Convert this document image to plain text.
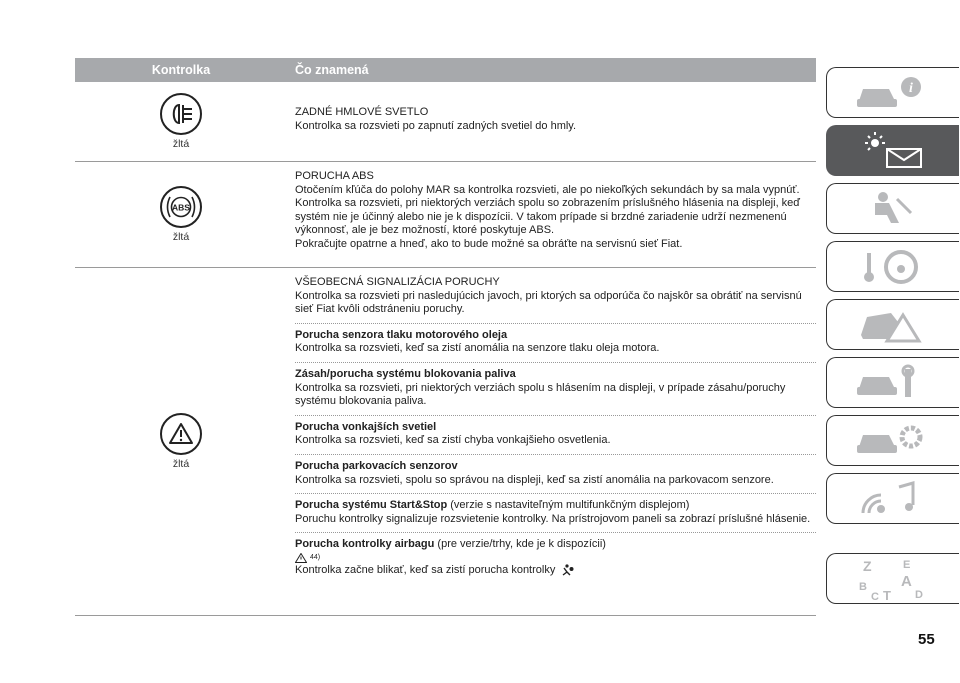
Kontrolka	Čo znamená
žltá
ZADNÉ HMLOVÉ SVETLO
Kontrolka sa rozsvieti po zapnutí zadných svetiel do hmly.
ABS
žltá
PORUCHA ABS
Otočením kľúča do polohy MAR sa kontrolka rozsvieti, ale po niekoľkých sekundách by sa mala vypnúť. Kontrolka sa rozsvieti, pri niektorých verziách spolu so zobrazením príslušného hlásenia na displeji, keď systém nie je účinný alebo nie je k dispozícii. V takom prípade si brzdné zariadenie udrží nezmenenú výkonnosť, ale je bez možností, ktoré poskytuje ABS.
Pokračujte opatrne a hneď, ako to bude možné sa obráťte na servisnú sieť Fiat.
žltá
VŠEOBECNÁ SIGNALIZÁCIA PORUCHY
Kontrolka sa rozsvieti pri nasledujúcich javoch, pri ktorých sa odporúča čo najskôr sa obrátiť na servisnú sieť Fiat kvôli odstráneniu poruchy.
Porucha senzora tlaku motorového oleja
Kontrolka sa rozsvieti, keď sa zistí anomália na senzore tlaku oleja motora.
Zásah/porucha systému blokovania paliva
Kontrolka sa rozsvieti, pri niektorých verziách spolu s hlásením na displeji, v prípade zásahu/poruchy systému blokovania paliva.
Porucha vonkajších svetiel
Kontrolka sa rozsvieti, keď sa zistí chyba vonkajšieho osvetlenia.
Porucha parkovacích senzorov
Kontrolka sa rozsvieti, spolu so správou na displeji, keď sa zistí anomália na parkovacom senzore.
Porucha systému Start&Stop (verzie s nastaviteľným multifunkčným displejom)
Poruchu kontrolky signalizuje rozsvietenie kontrolky. Na prístrojovom paneli sa zobrazí príslušné hlásenie.
Porucha kontrolky airbagu (pre verzie/trhy, kde je k dispozícii)
44)
Kontrolka začne blikať, keď sa zistí porucha kontrolky
i
Z	E
A
B
C T D
55
